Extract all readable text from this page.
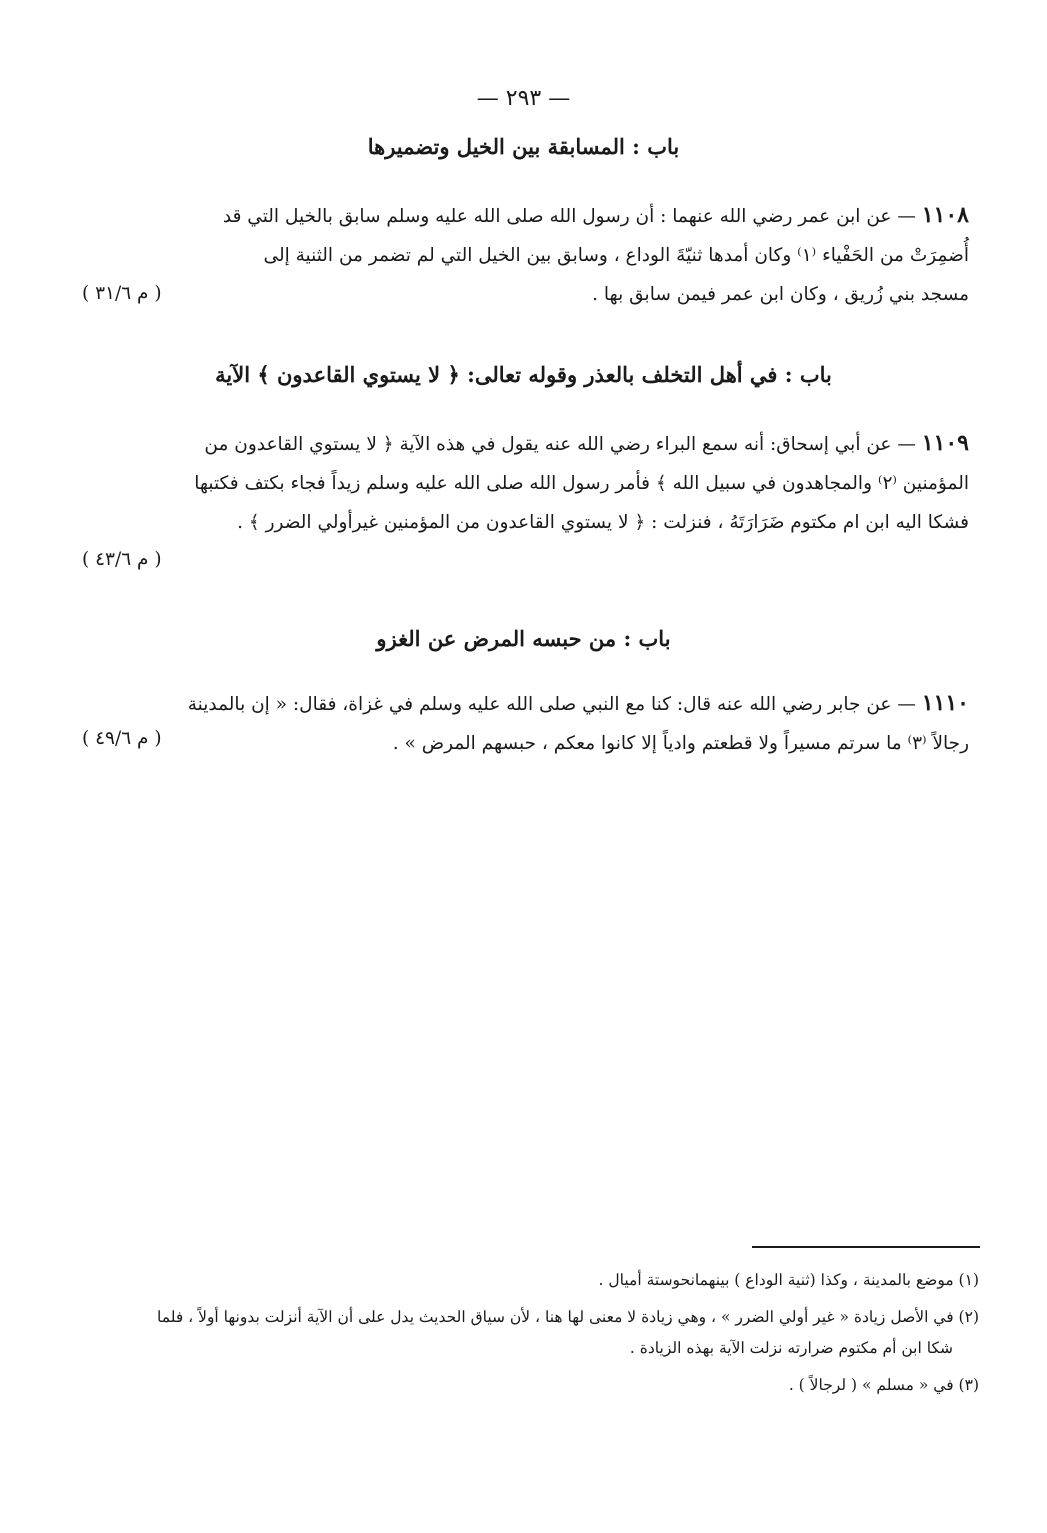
— ٢٩٣ —
باب : المسابقة بين الخيل وتضميرها

١١٠٨ — عن ابن عمر رضي الله عنهما : أن رسول الله صلى الله عليه وسلم سابق بالخيل التي قد

أُضمِرَتْ من الحَفْياء ⁽١⁾ وكان أمدها ثنيّةَ الوداع ، وسابق بين الخيل التي لم تضمر من الثنية إلى

مسجد بني زُريق ، وكان ابن عمر فيمن سابق بها .

( م ٣١/٦ )
باب : في أهل التخلف بالعذر وقوله تعالى: ﴿ لا يستوي القاعدون ﴾ الآية

١١٠٩ — عن أبي إسحاق: أنه سمع البراء رضي الله عنه يقول في هذه الآية ﴿ لا يستوي القاعدون من

المؤمنين ⁽٢⁾ والمجاهدون في سبيل الله ﴾ فأمر رسول الله صلى الله عليه وسلم زيداً فجاء بكتف فكتبها

فشكا اليه ابن ام مكتوم ضَرَارَتَهُ ، فنزلت : ﴿ لا يستوي القاعدون من المؤمنين غيرأولي الضرر ﴾ .

( م ٤٣/٦ )
باب : من حبسه المرض عن الغزو

١١١٠ — عن جابر رضي الله عنه قال: كنا مع النبي صلى الله عليه وسلم في غزاة، فقال: « إن بالمدينة

رجالاً ⁽٣⁾ ما سرتم مسيراً ولا قطعتم وادياً إلا كانوا معكم ، حبسهم المرض » .

( م ٤٩/٦ )

(١) موضع بالمدينة ، وكذا (ثنية الوداع ) بينهمانحوستة أميال .

(٢) في الأصل زيادة « غير أولي الضرر » ، وهي زيادة لا معنى لها هنا ، لأن سياق الحديث يدل على أن الآية أنزلت بدونها أولاً ، فلما
شكا ابن أم مكتوم ضرارته نزلت الآية بهذه الزيادة .

(٣) في « مسلم » ( لرجالاً ) .
